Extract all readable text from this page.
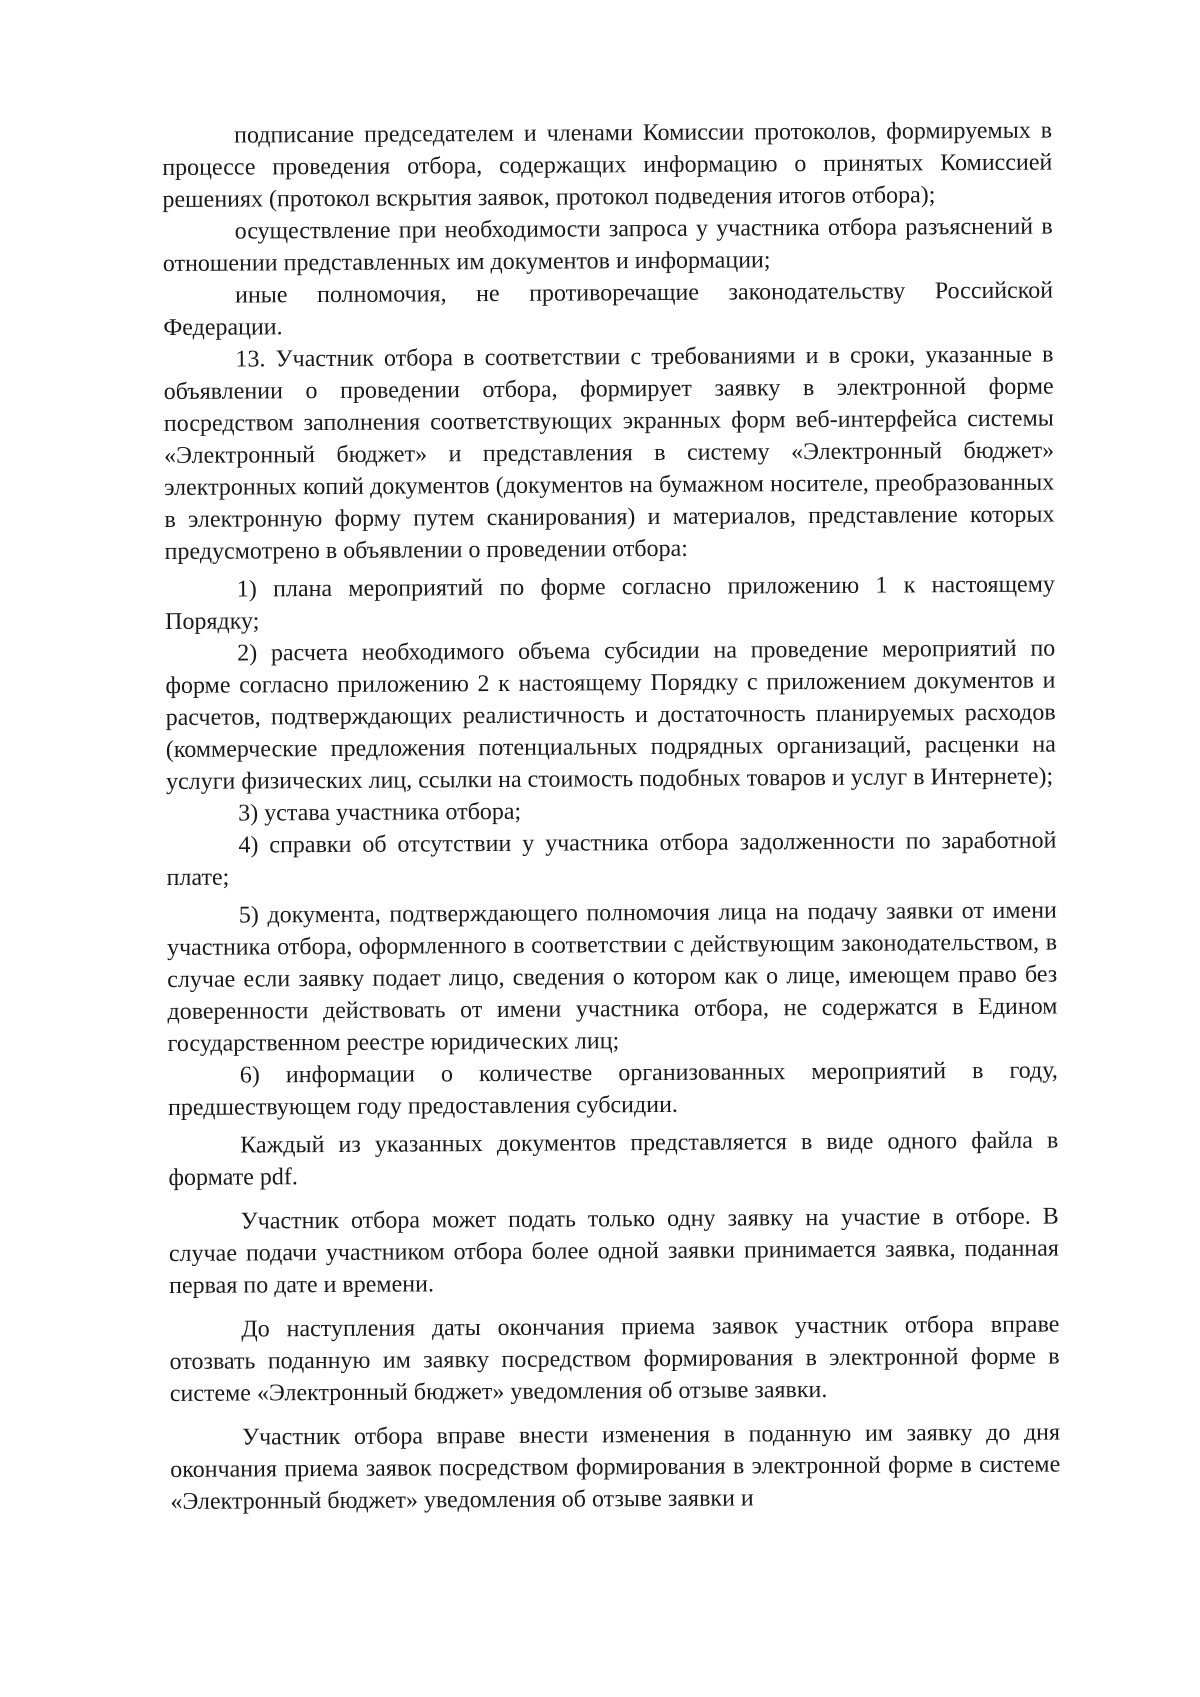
подписание председателем и членами Комиссии протоколов, формируемых в процессе проведения отбора, содержащих информацию о принятых Комиссией решениях (протокол вскрытия заявок, протокол подведения итогов отбора);

осуществление при необходимости запроса у участника отбора разъяснений в отношении представленных им документов и информации;

иные полномочия, не противоречащие законодательству Российской Федерации.

13. Участник отбора в соответствии с требованиями и в сроки, указанные в объявлении о проведении отбора, формирует заявку в электронной форме посредством заполнения соответствующих экранных форм веб-интерфейса системы «Электронный бюджет» и представления в систему «Электронный бюджет» электронных копий документов (документов на бумажном носителе, преобразованных в электронную форму путем сканирования) и материалов, представление которых предусмотрено в объявлении о проведении отбора:

1) плана мероприятий по форме согласно приложению 1 к настоящему Порядку;

2) расчета необходимого объема субсидии на проведение мероприятий по форме согласно приложению 2 к настоящему Порядку с приложением документов и расчетов, подтверждающих реалистичность и достаточность планируемых расходов (коммерческие предложения потенциальных подрядных организаций, расценки на услуги физических лиц, ссылки на стоимость подобных товаров и услуг в Интернете);

3) устава участника отбора;

4) справки об отсутствии у участника отбора задолженности по заработной плате;

5) документа, подтверждающего полномочия лица на подачу заявки от имени участника отбора, оформленного в соответствии с действующим законодательством, в случае если заявку подает лицо, сведения о котором как о лице, имеющем право без доверенности действовать от имени участника отбора, не содержатся в Едином государственном реестре юридических лиц;

6) информации о количестве организованных мероприятий в году, предшествующем году предоставления субсидии.

Каждый из указанных документов представляется в виде одного файла в формате pdf.

Участник отбора может подать только одну заявку на участие в отборе. В случае подачи участником отбора более одной заявки принимается заявка, поданная первая по дате и времени.

До наступления даты окончания приема заявок участник отбора вправе отозвать поданную им заявку посредством формирования в электронной форме в системе «Электронный бюджет» уведомления об отзыве заявки.

Участник отбора вправе внести изменения в поданную им заявку до дня окончания приема заявок посредством формирования в электронной форме в системе «Электронный бюджет» уведомления об отзыве заявки и
